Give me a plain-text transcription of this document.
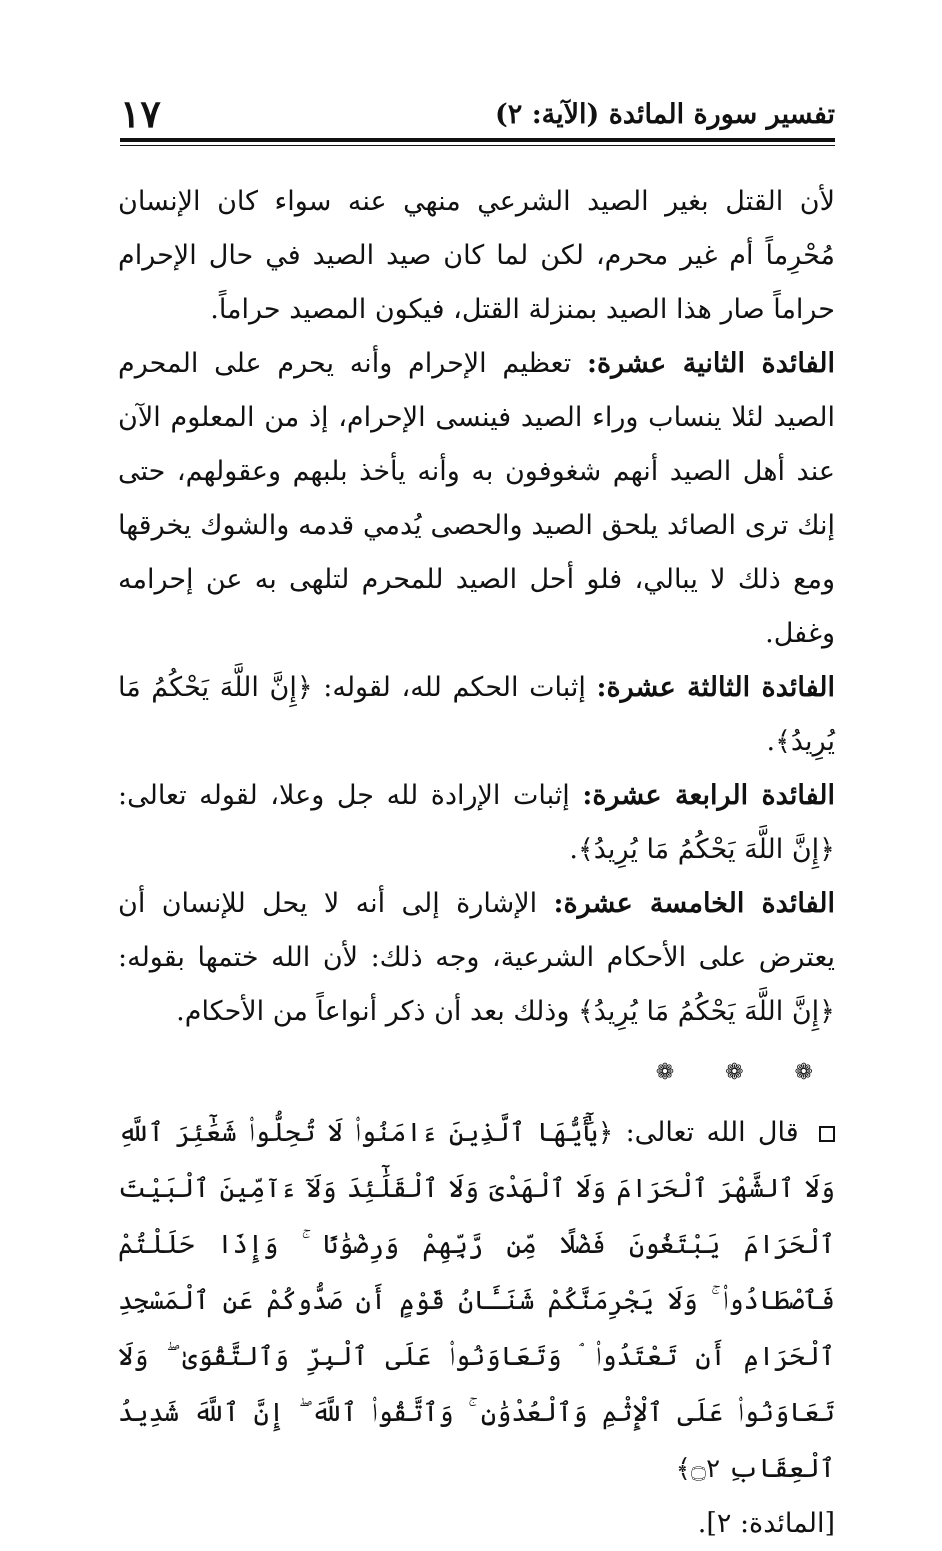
١٧	تفسير سورة المائدة (الآية: ٢)

لأن القتل بغير الصيد الشرعي منهي عنه سواء كان الإنسان مُحْرِماً أم غير محرم، لكن لما كان صيد الصيد في حال الإحرام حراماً صار هذا الصيد بمنزلة القتل، فيكون المصيد حراماً.

الفائدة الثانية عشرة: تعظيم الإحرام وأنه يحرم على المحرم الصيد لئلا ينساب وراء الصيد فينسى الإحرام، إذ من المعلوم الآن عند أهل الصيد أنهم شغوفون به وأنه يأخذ بلبهم وعقولهم، حتى إنك ترى الصائد يلحق الصيد والحصى يُدمي قدمه والشوك يخرقها ومع ذلك لا يبالي، فلو أحل الصيد للمحرم لتلهى به عن إحرامه وغفل.

الفائدة الثالثة عشرة: إثبات الحكم لله، لقوله: ﴿إِنَّ اللَّهَ يَحْكُمُ مَا يُرِيدُ﴾.

الفائدة الرابعة عشرة: إثبات الإرادة لله جل وعلا، لقوله تعالى: ﴿إِنَّ اللَّهَ يَحْكُمُ مَا يُرِيدُ﴾.

الفائدة الخامسة عشرة: الإشارة إلى أنه لا يحل للإنسان أن يعترض على الأحكام الشرعية، وجه ذلك: لأن الله ختمها بقوله: ﴿إِنَّ اللَّهَ يَحْكُمُ مَا يُرِيدُ﴾ وذلك بعد أن ذكر أنواعاً من الأحكام.

❁ ❁ ❁

قال الله تعالى: ﴿يَٰٓأَيُّهَا ٱلَّذِينَ ءَامَنُوا۟ لَا تُحِلُّوا۟ شَعَٰٓئِرَ ٱللَّهِ وَلَا ٱلشَّهْرَ ٱلْحَرَامَ وَلَا ٱلْهَدْىَ وَلَا ٱلْقَلَٰٓئِدَ وَلَآ ءَآمِّينَ ٱلْبَيْتَ ٱلْحَرَامَ يَبْتَغُونَ فَضْلًا مِّن رَّبِّهِمْ وَرِضْوَٰنًا ۚ وَإِذَا حَلَلْتُمْ فَٱصْطَادُوا۟ ۚ وَلَا يَجْرِمَنَّكُمْ شَنَـَٔانُ قَوْمٍ أَن صَدُّوكُمْ عَنِ ٱلْمَسْجِدِ ٱلْحَرَامِ أَن تَعْتَدُوا۟ ۘ وَتَعَاوَنُوا۟ عَلَى ٱلْبِرِّ وَٱلتَّقْوَىٰ ۖ وَلَا تَعَاوَنُوا۟ عَلَى ٱلْإِثْمِ وَٱلْعُدْوَٰنِ ۚ وَٱتَّقُوا۟ ٱللَّهَ ۖ إِنَّ ٱللَّهَ شَدِيدُ ٱلْعِقَابِ ۝٢﴾

[المائدة: ٢].
